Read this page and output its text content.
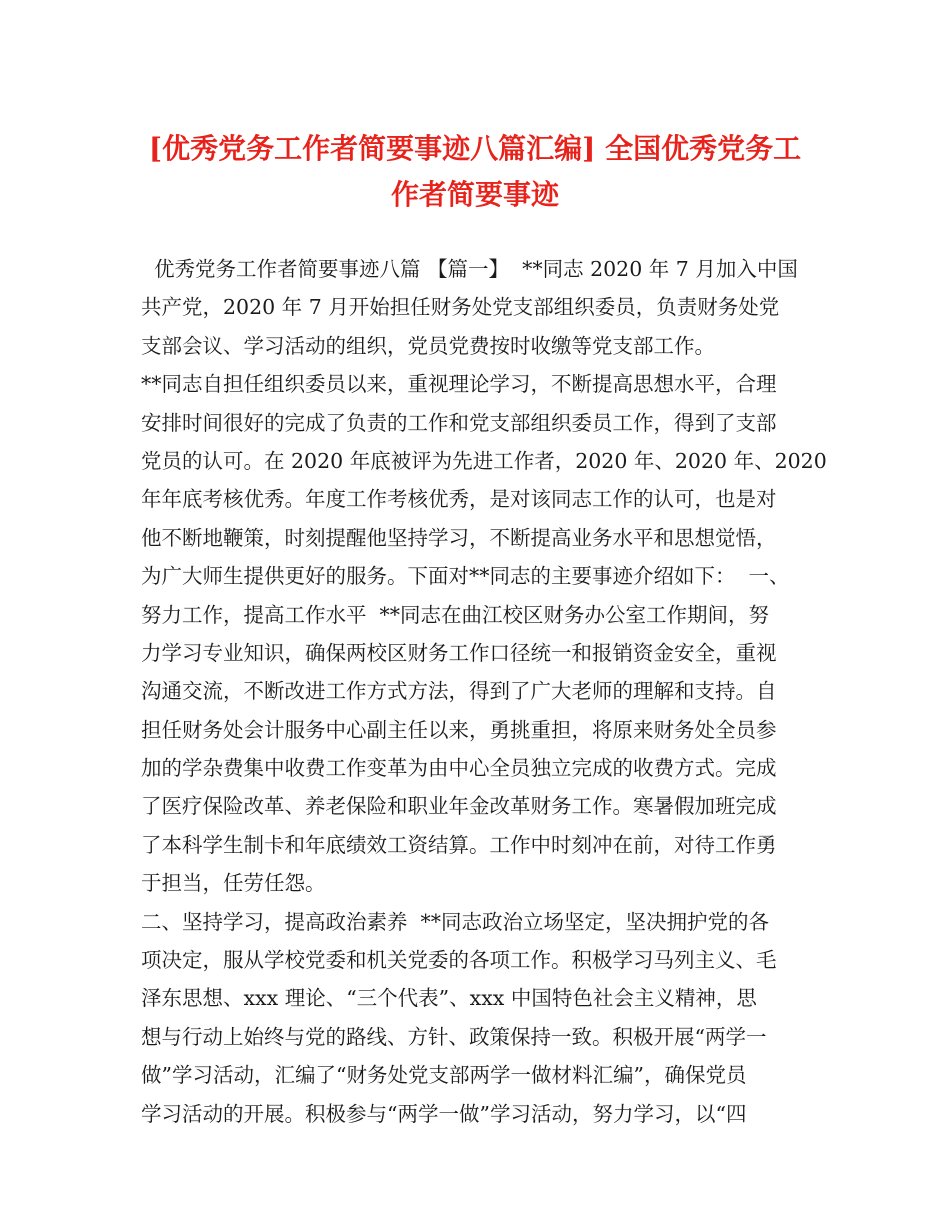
[优秀党务工作者简要事迹八篇汇编] 全国优秀党务工
作者简要事迹
优秀党务工作者简要事迹八篇 【篇一】  **同志 2020 年 7 月加入中国
共产党，2020 年 7 月开始担任财务处党支部组织委员，负责财务处党
支部会议、学习活动的组织，党员党费按时收缴等党支部工作。
**同志自担任组织委员以来，重视理论学习，不断提高思想水平，合理
安排时间很好的完成了负责的工作和党支部组织委员工作，得到了支部
党员的认可。在 2020 年底被评为先进工作者，2020 年、2020 年、2020
年年底考核优秀。年度工作考核优秀，是对该同志工作的认可，也是对
他不断地鞭策，时刻提醒他坚持学习，不断提高业务水平和思想觉悟，
为广大师生提供更好的服务。下面对**同志的主要事迹介绍如下：  一、
努力工作，提高工作水平  **同志在曲江校区财务办公室工作期间，努
力学习专业知识，确保两校区财务工作口径统一和报销资金安全，重视
沟通交流，不断改进工作方式方法，得到了广大老师的理解和支持。自
担任财务处会计服务中心副主任以来，勇挑重担，将原来财务处全员参
加的学杂费集中收费工作变革为由中心全员独立完成的收费方式。完成
了医疗保险改革、养老保险和职业年金改革财务工作。寒暑假加班完成
了本科学生制卡和年底绩效工资结算。工作中时刻冲在前，对待工作勇
于担当，任劳任怨。
二、坚持学习，提高政治素养  **同志政治立场坚定，坚决拥护党的各
项决定，服从学校党委和机关党委的各项工作。积极学习马列主义、毛
泽东思想、xxx 理论、“三个代表”、xxx 中国特色社会主义精神，思
想与行动上始终与党的路线、方针、政策保持一致。积极开展“两学一
做”学习活动，汇编了“财务处党支部两学一做材料汇编”，确保党员
学习活动的开展。积极参与“两学一做”学习活动，努力学习，以“四
